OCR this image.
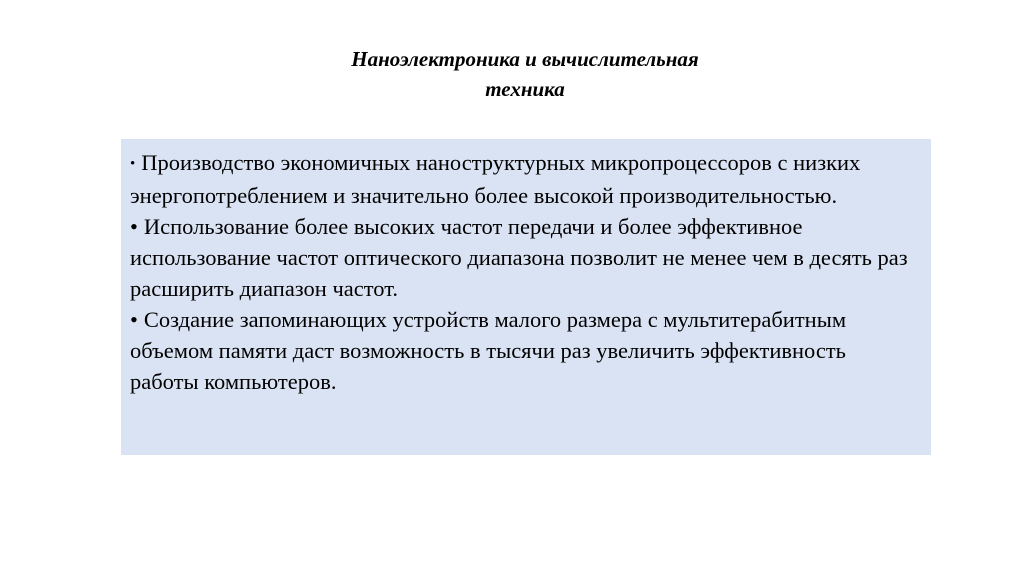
Наноэлектроника и вычислительная
техника

• Производство экономичных наноструктурных микропроцессоров с низких энергопотреблением и значительно более высокой производительностью.

• Использование более высоких частот передачи и более эффективное использование частот оптического диапазона позволит не менее чем в десять раз расширить диапазон частот.

• Создание запоминающих устройств малого размера с мультитерабитным объемом памяти даст возможность в тысячи раз увеличить эффективность работы компьютеров.
